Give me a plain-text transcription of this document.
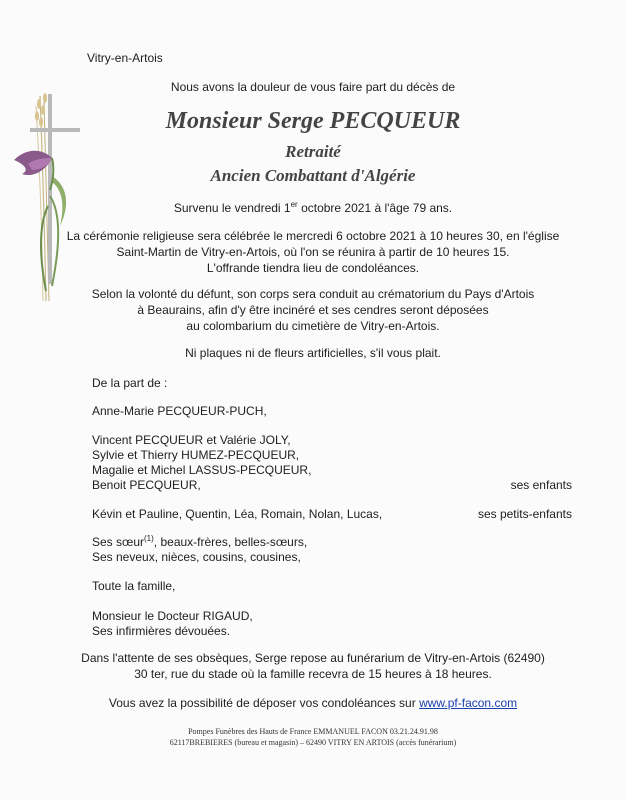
Vitry-en-Artois
Nous avons la douleur de vous faire part du décès de
Monsieur Serge PECQUEUR
Retraité
Ancien Combattant d'Algérie
Survenu le vendredi 1er octobre 2021 à l'âge 79 ans.
La cérémonie religieuse sera célébrée le mercredi 6 octobre 2021 à 10 heures 30, en l'église
Saint-Martin de Vitry-en-Artois, où l'on se réunira à partir de 10 heures 15.
L'offrande tiendra lieu de condoléances.
Selon la volonté du défunt, son corps sera conduit au crématorium du Pays d'Artois
à Beaurains, afin d'y être incinéré et ses cendres seront déposées
au colombarium du cimetière de Vitry-en-Artois.
Ni plaques ni de fleurs artificielles, s'il vous plait.
De la part de :
Anne-Marie PECQUEUR-PUCH,
Vincent PECQUEUR et Valérie JOLY,
Sylvie et Thierry HUMEZ-PECQUEUR,
Magalie et Michel LASSUS-PECQUEUR,
Benoit PECQUEUR,	ses enfants
Kévin et Pauline, Quentin, Léa, Romain, Nolan, Lucas,	ses petits-enfants
Ses sœur$^{(1)}$, beaux-frères, belles-sœurs,
Ses neveux, nièces, cousins, cousines,
Toute la famille,
Monsieur le Docteur RIGAUD,
Ses infirmières dévouées.
Dans l'attente de ses obsèques, Serge repose au funérarium de Vitry-en-Artois (62490)
30 ter, rue du stade où la famille recevra de 15 heures à 18 heures.
Vous avez la possibilité de déposer vos condoléances sur www.pf-facon.com
Pompes Funèbres des Hauts de France EMMANUEL FACON 03.21.24.91.98
62117BREBIERES (bureau et magasin) – 62490 VITRY EN ARTOIS (accès funérarium)
